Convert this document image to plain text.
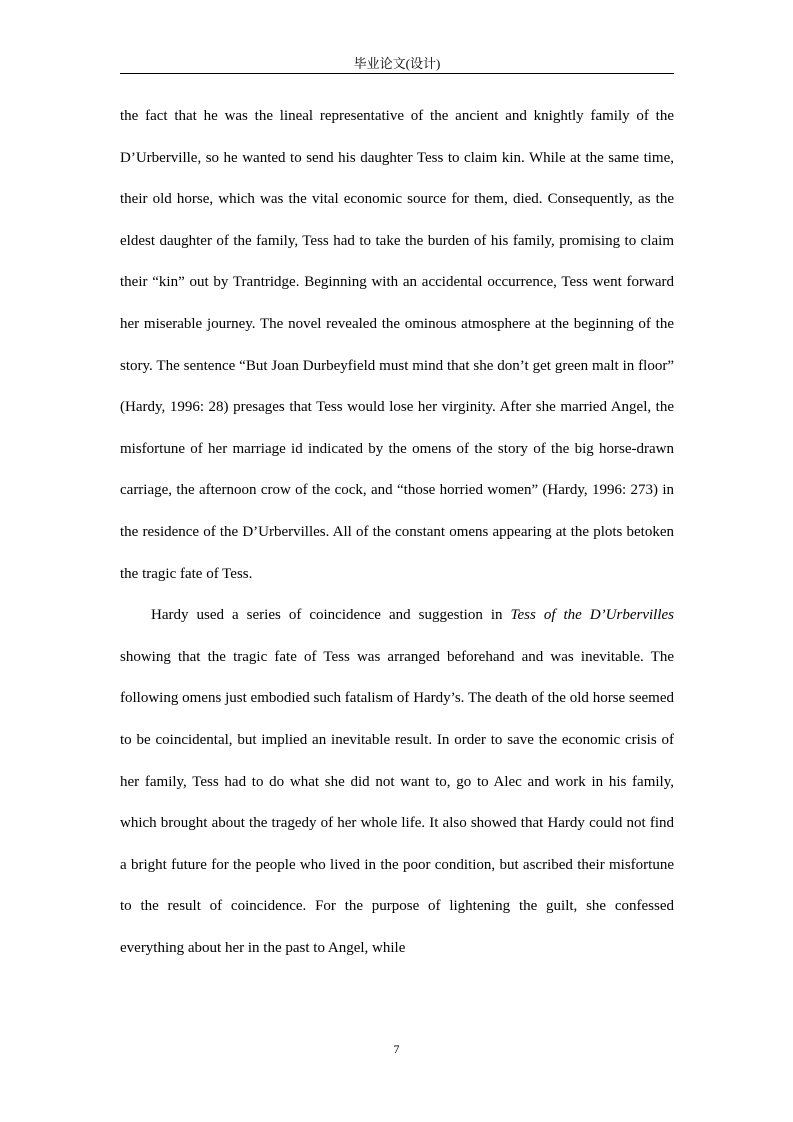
毕业论文(设计)

the fact that he was the lineal representative of the ancient and knightly family of the D’Urberville, so he wanted to send his daughter Tess to claim kin. While at the same time, their old horse, which was the vital economic source for them, died. Consequently, as the eldest daughter of the family, Tess had to take the burden of his family, promising to claim their “kin” out by Trantridge. Beginning with an accidental occurrence, Tess went forward her miserable journey. The novel revealed the ominous atmosphere at the beginning of the story. The sentence “But Joan Durbeyfield must mind that she don’t get green malt in floor” (Hardy, 1996: 28) presages that Tess would lose her virginity. After she married Angel, the misfortune of her marriage id indicated by the omens of the story of the big horse-drawn carriage, the afternoon crow of the cock, and “those horried women” (Hardy, 1996: 273) in the residence of the D’Urbervilles. All of the constant omens appearing at the plots betoken the tragic fate of Tess.

Hardy used a series of coincidence and suggestion in Tess of the D’Urbervilles showing that the tragic fate of Tess was arranged beforehand and was inevitable. The following omens just embodied such fatalism of Hardy’s. The death of the old horse seemed to be coincidental, but implied an inevitable result. In order to save the economic crisis of her family, Tess had to do what she did not want to, go to Alec and work in his family, which brought about the tragedy of her whole life. It also showed that Hardy could not find a bright future for the people who lived in the poor condition, but ascribed their misfortune to the result of coincidence. For the purpose of lightening the guilt, she confessed everything about her in the past to Angel, while

7
